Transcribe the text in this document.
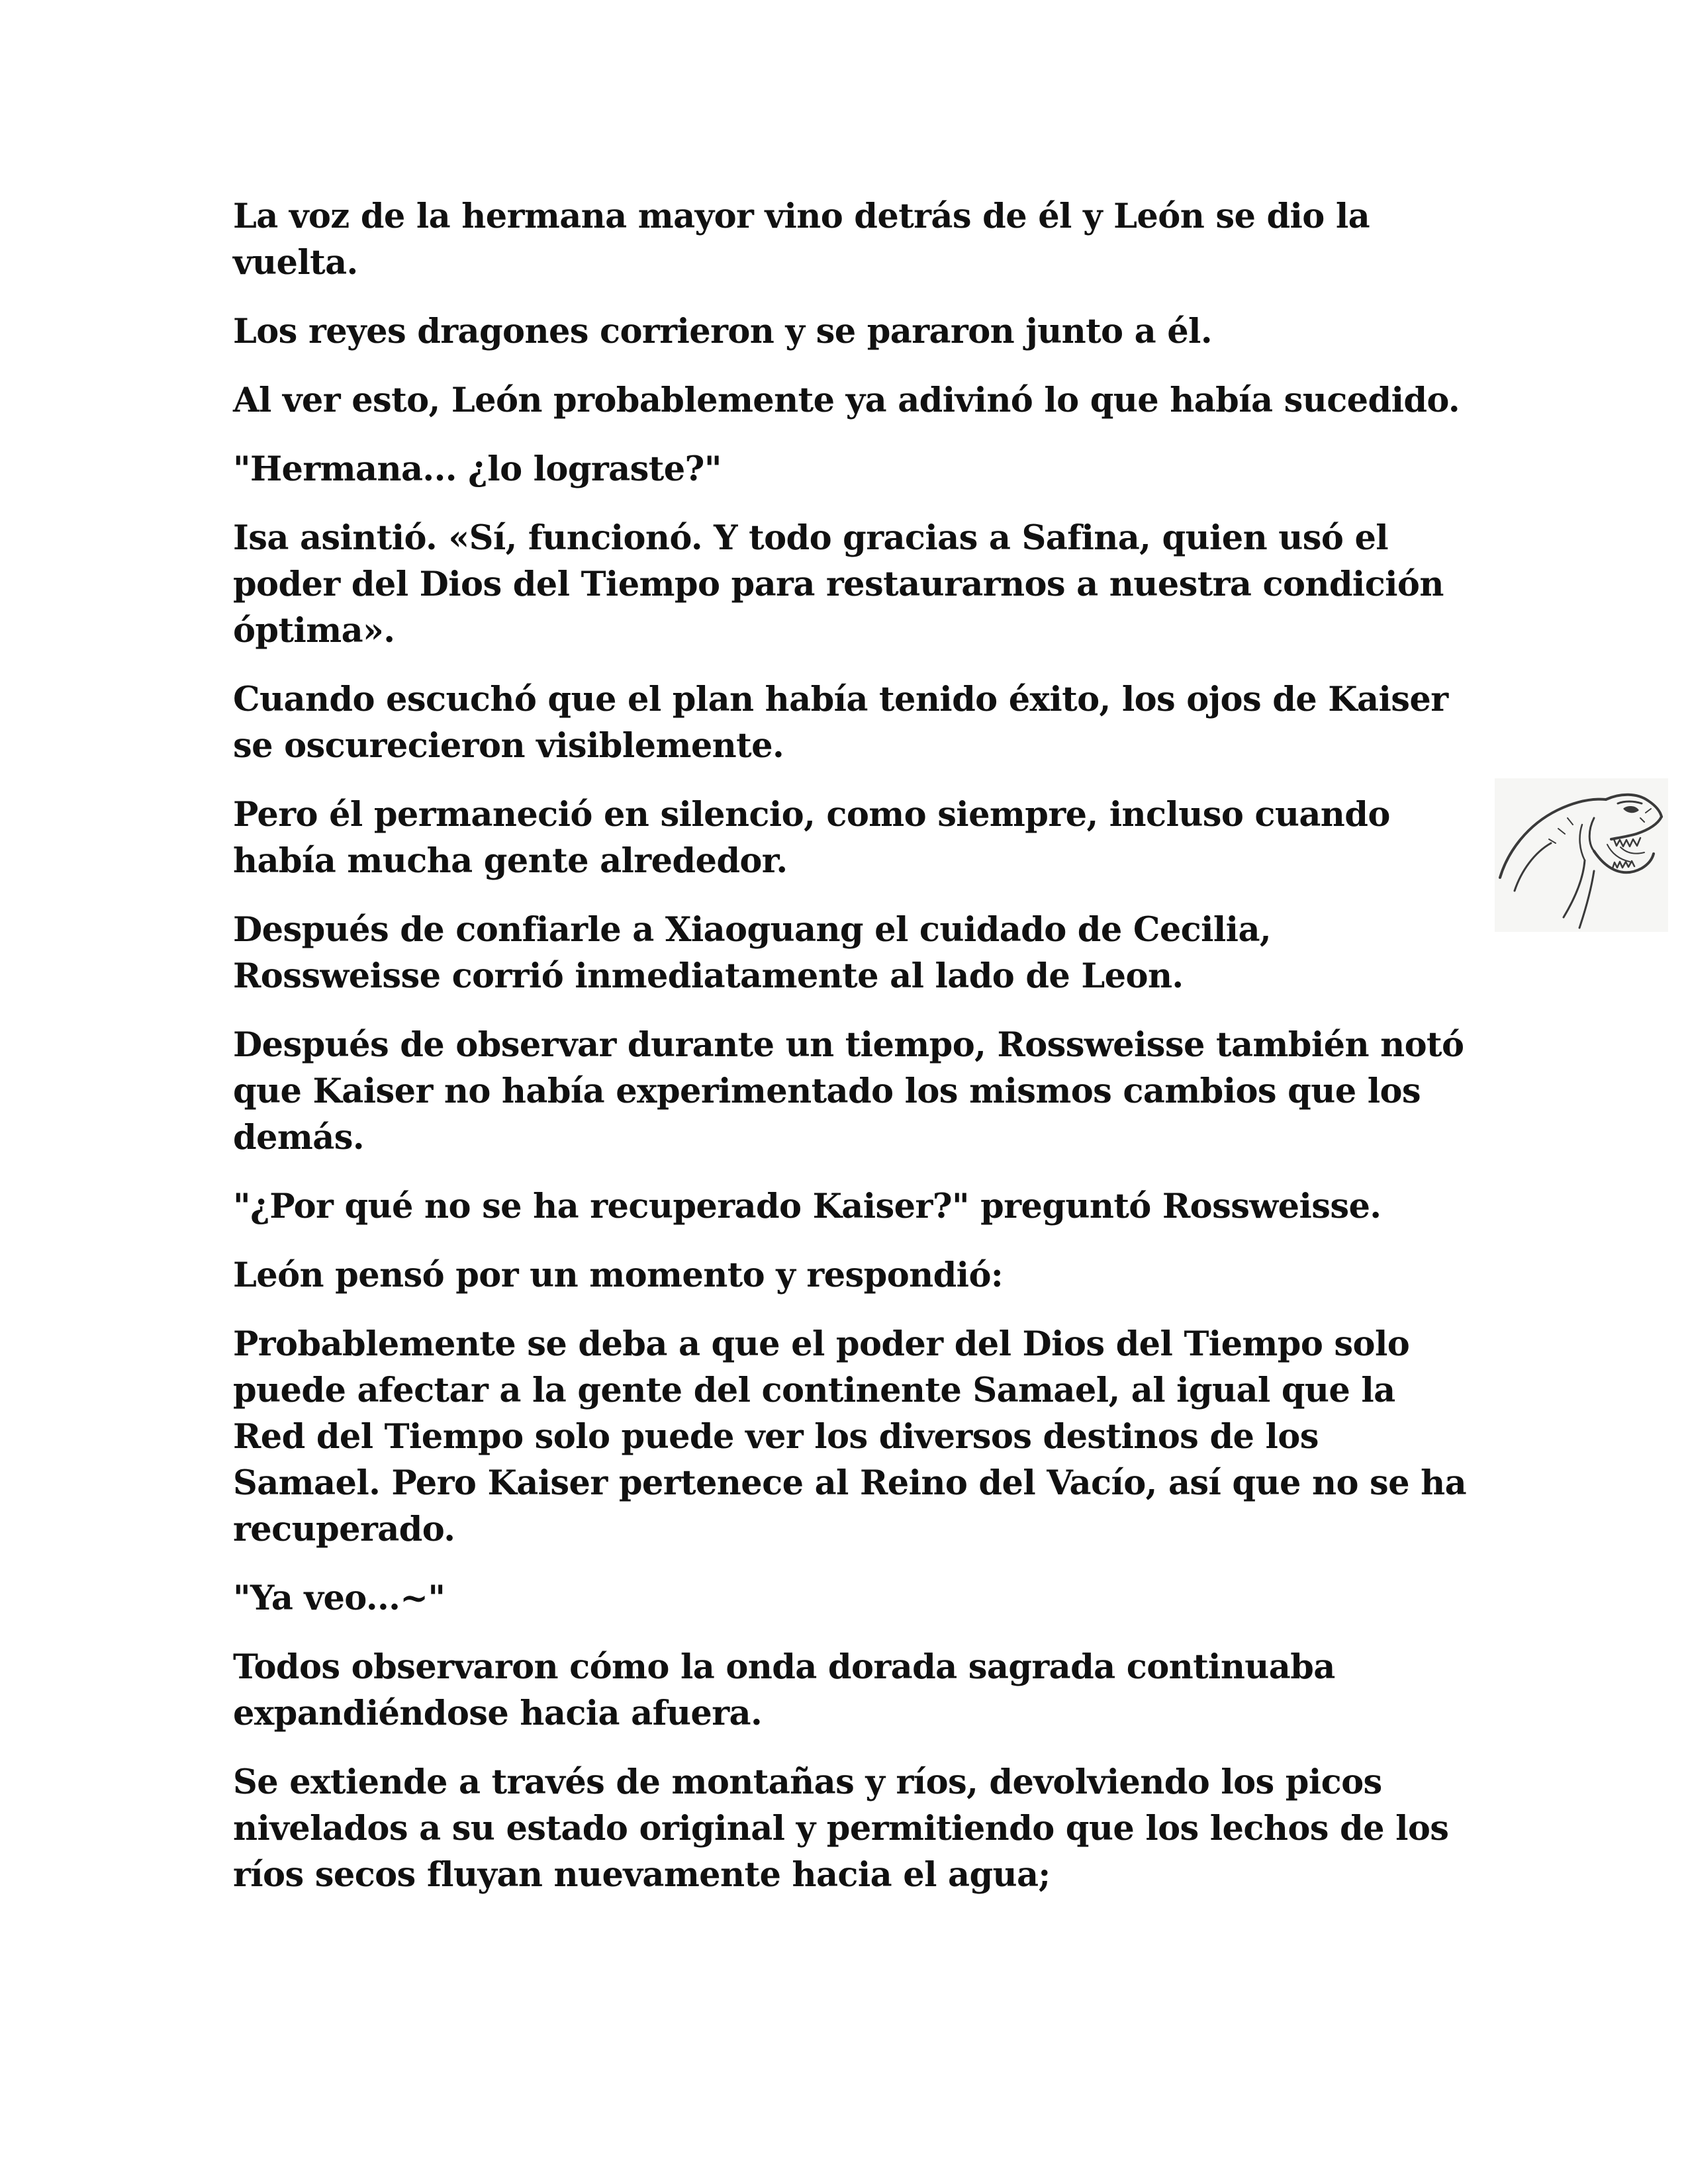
La voz de la hermana mayor vino detrás de él y León se dio la vuelta.

Los reyes dragones corrieron y se pararon junto a él.

Al ver esto, León probablemente ya adivinó lo que había sucedido.

"Hermana... ¿lo lograste?"

Isa asintió. «Sí, funcionó. Y todo gracias a Safina, quien usó el poder del Dios del Tiempo para restaurarnos a nuestra condición óptima».

Cuando escuchó que el plan había tenido éxito, los ojos de Kaiser se oscurecieron visiblemente.

Pero él permaneció en silencio, como siempre, incluso cuando había mucha gente alrededor.

Después de confiarle a Xiaoguang el cuidado de Cecilia, Rossweisse corrió inmediatamente al lado de Leon.

Después de observar durante un tiempo, Rossweisse también notó que Kaiser no había experimentado los mismos cambios que los demás.

"¿Por qué no se ha recuperado Kaiser?" preguntó Rossweisse.

León pensó por un momento y respondió:

Probablemente se deba a que el poder del Dios del Tiempo solo puede afectar a la gente del continente Samael, al igual que la Red del Tiempo solo puede ver los diversos destinos de los Samael. Pero Kaiser pertenece al Reino del Vacío, así que no se ha recuperado.

"Ya veo...~"

Todos observaron cómo la onda dorada sagrada continuaba expandiéndose hacia afuera.

Se extiende a través de montañas y ríos, devolviendo los picos nivelados a su estado original y permitiendo que los lechos de los ríos secos fluyan nuevamente hacia el agua;
